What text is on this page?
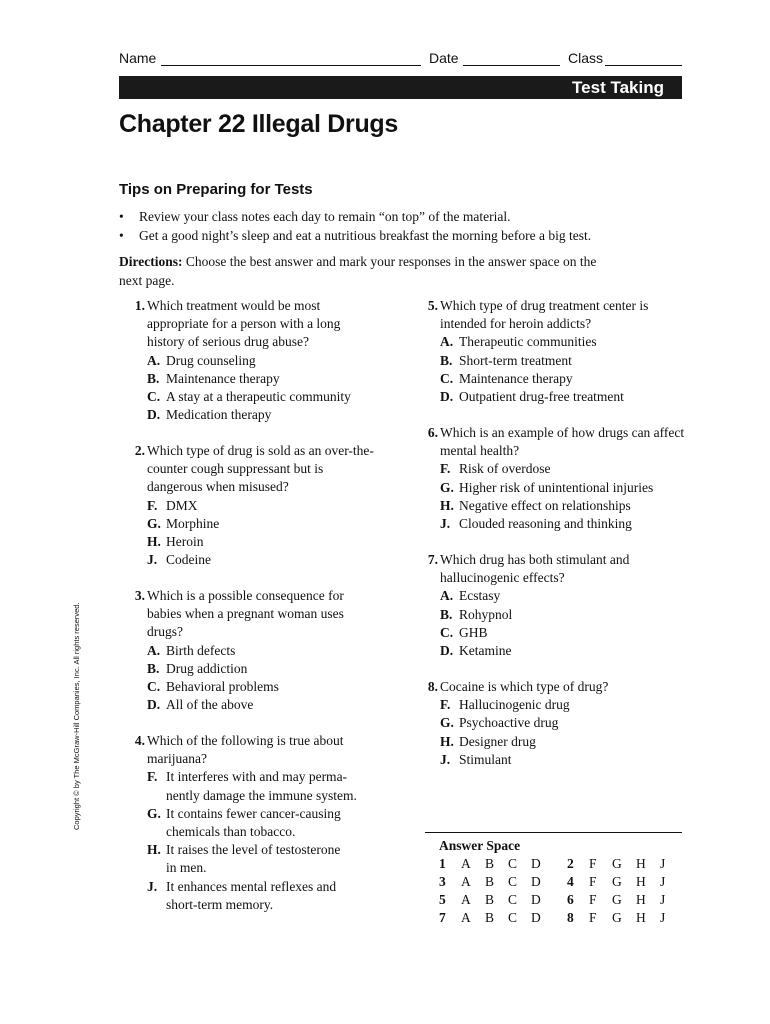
Name	Date	Class
Test Taking
Chapter 22 Illegal Drugs
Tips on Preparing for Tests
• Review your class notes each day to remain “on top” of the material.
• Get a good night’s sleep and eat a nutritious breakfast the morning before a big test.
Directions: Choose the best answer and mark your responses in the answer space on the next page.
1. Which treatment would be most appropriate for a person with a long history of serious drug abuse?
A. Drug counseling
B. Maintenance therapy
C. A stay at a therapeutic community
D. Medication therapy
2. Which type of drug is sold as an over-the-counter cough suppressant but is dangerous when misused?
F. DMX
G. Morphine
H. Heroin
J. Codeine
3. Which is a possible consequence for babies when a pregnant woman uses drugs?
A. Birth defects
B. Drug addiction
C. Behavioral problems
D. All of the above
4. Which of the following is true about marijuana?
F. It interferes with and may perma-
nently damage the immune system.
G. It contains fewer cancer-causing
chemicals than tobacco.
H. It raises the level of testosterone
in men.
J. It enhances mental reflexes and
short-term memory.
5. Which type of drug treatment center is intended for heroin addicts?
A. Therapeutic communities
B. Short-term treatment
C. Maintenance therapy
D. Outpatient drug-free treatment
6. Which is an example of how drugs can affect mental health?
F. Risk of overdose
G. Higher risk of unintentional injuries
H. Negative effect on relationships
J. Clouded reasoning and thinking
7. Which drug has both stimulant and hallucinogenic effects?
A. Ecstasy
B. Rohypnol
C. GHB
D. Ketamine
8. Cocaine is which type of drug?
F. Hallucinogenic drug
G. Psychoactive drug
H. Designer drug
J. Stimulant
Copyright © by The McGraw-Hill Companies, Inc. All rights reserved.
Answer Space
1 A B C D 2 F G H J
3 A B C D 4 F G H J
5 A B C D 6 F G H J
7 A B C D 8 F G H J
